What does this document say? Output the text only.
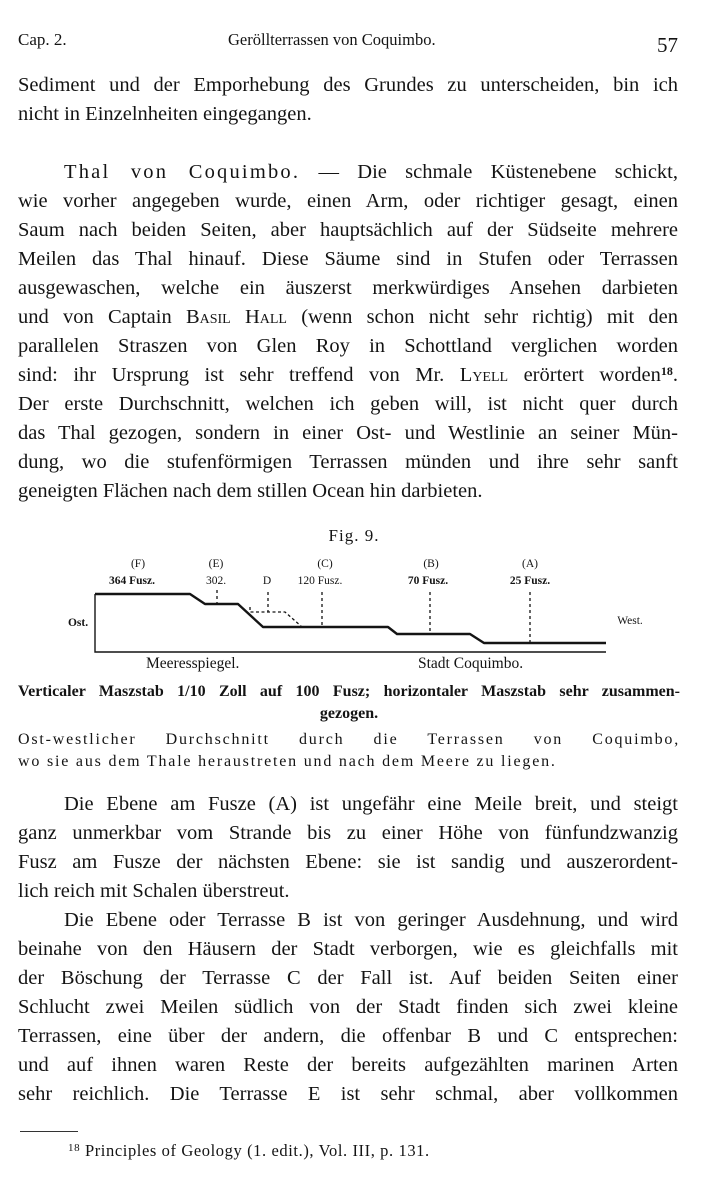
Cap. 2.	Geröllterrassen von Coquimbo.	57
Sediment und der Emporhebung des Grundes zu unterscheiden, bin ich
nicht in Einzelnheiten eingegangen.
Thal von Coquimbo. — Die schmale Küstenebene schickt,
wie vorher angegeben wurde, einen Arm, oder richtiger gesagt, einen
Saum nach beiden Seiten, aber hauptsächlich auf der Südseite mehrere
Meilen das Thal hinauf. Diese Säume sind in Stufen oder Terrassen
ausgewaschen, welche ein äuszerst merkwürdiges Ansehen darbieten
und von Captain Basil Hall (wenn schon nicht sehr richtig) mit den
parallelen Straszen von Glen Roy in Schottland verglichen worden
sind: ihr Ursprung ist sehr treffend von Mr. Lyell erörtert worden$^{18}$.
Der erste Durchschnitt, welchen ich geben will, ist nicht quer durch
das Thal gezogen, sondern in einer Ost- und Westlinie an seiner Mün-
dung, wo die stufenförmigen Terrassen münden und ihre sehr sanft
geneigten Flächen nach dem stillen Ocean hin darbieten.
Fig. 9.
(F)	(E)	(C)	(B)	(A)
364 Fusz.	302.	D 120 Fusz.	70 Fusz.	25 Fusz.
Ost.	West.
Meeresspiegel.	Stadt Coquimbo.
Verticaler Maszstab 1/10 Zoll auf 100 Fusz; horizontaler Maszstab sehr zusammen-
gezogen.
Ost-westlicher Durchschnitt durch die Terrassen von Coquimbo,
wo sie aus dem Thale heraustreten und nach dem Meere zu liegen.
Die Ebene am Fusze (A) ist ungefähr eine Meile breit, und steigt
ganz unmerkbar vom Strande bis zu einer Höhe von fünfundzwanzig
Fusz am Fusze der nächsten Ebene: sie ist sandig und auszerordent-
lich reich mit Schalen überstreut.
Die Ebene oder Terrasse B ist von geringer Ausdehnung, und wird
beinahe von den Häusern der Stadt verborgen, wie es gleichfalls mit
der Böschung der Terrasse C der Fall ist. Auf beiden Seiten einer
Schlucht zwei Meilen südlich von der Stadt finden sich zwei kleine
Terrassen, eine über der andern, die offenbar B und C entsprechen:
und auf ihnen waren Reste der bereits aufgezählten marinen Arten
sehr reichlich. Die Terrasse E ist sehr schmal, aber vollkommen
$^{18}$ Principles of Geology (1. edit.), Vol. III, p. 131.
